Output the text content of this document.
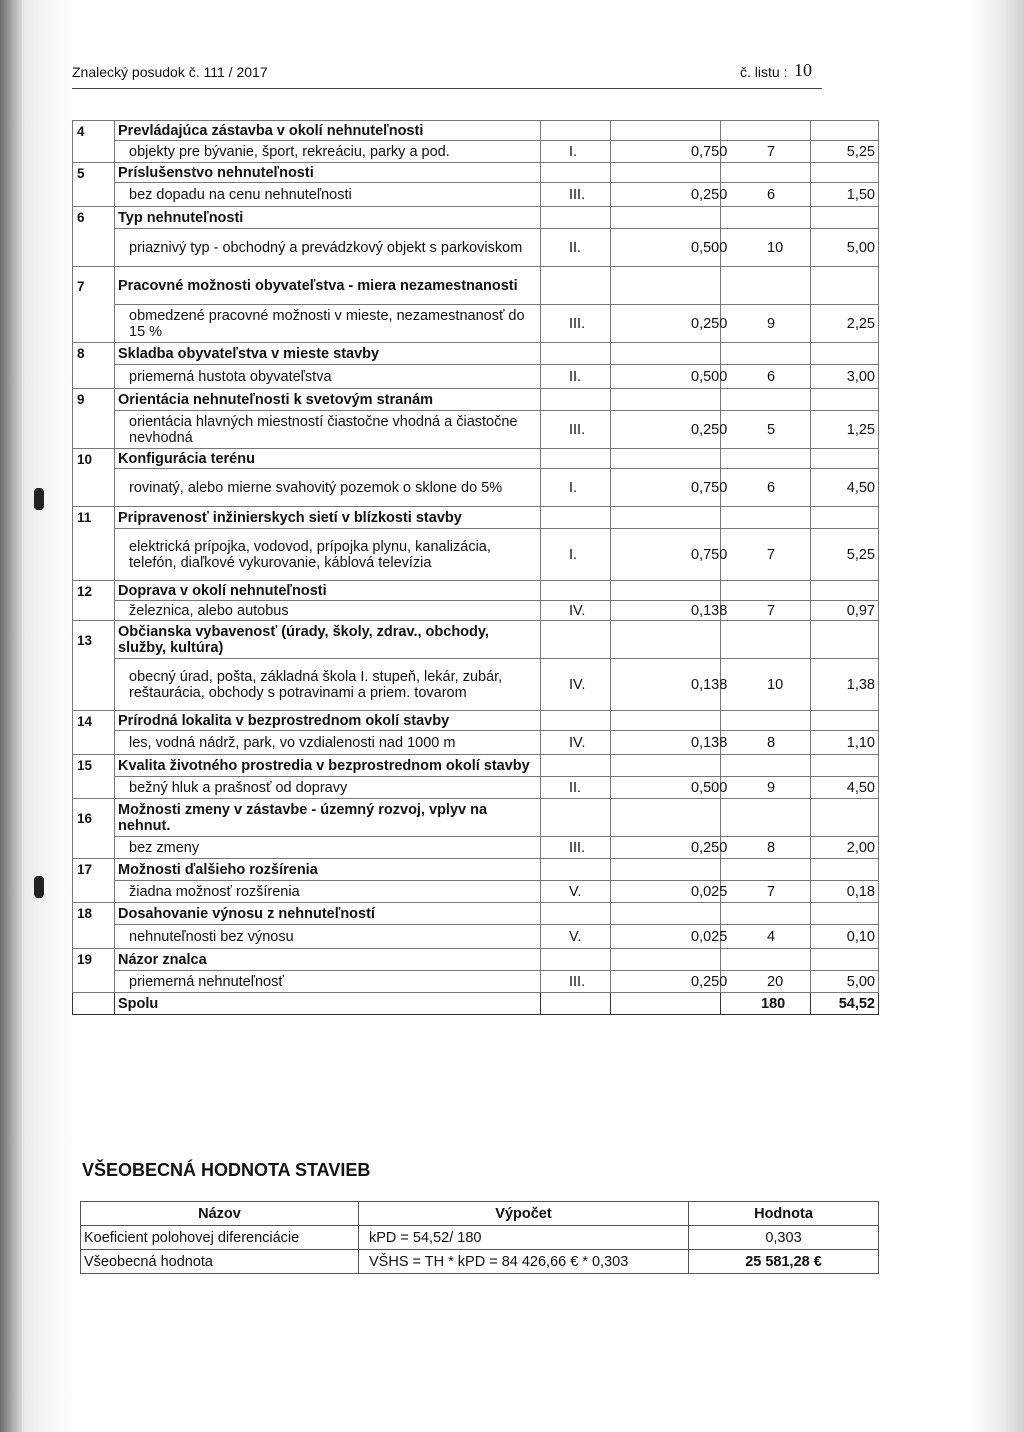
Znalecký posudok č. 111 / 2017	č. listu : 10
4	Prevládajúca zástavba v okolí nehnuteľnosti				
	objekty pre bývanie, šport, rekreáciu, parky a pod.	I.	0,750	7	5,25
5	Príslušenstvo nehnuteľnosti				
	bez dopadu na cenu nehnuteľnosti	III.	0,250	6	1,50
6	Typ nehnuteľnosti				
	priaznivý typ - obchodný a prevádzkový objekt s parkoviskom	II.	0,500	10	5,00
7	Pracovné možnosti obyvateľstva - miera nezamestnanosti				
	obmedzené pracovné možnosti v mieste, nezamestnanosť do 15 %	III.	0,250	9	2,25
8	Skladba obyvateľstva v mieste stavby				
	priemerná hustota obyvateľstva	II.	0,500	6	3,00
9	Orientácia nehnuteľnosti k svetovým stranám				
	orientácia hlavných miestností čiastočne vhodná a čiastočne nevhodná	III.	0,250	5	1,25
10	Konfigurácia terénu				
	rovinatý, alebo mierne svahovitý pozemok o sklone do 5%	I.	0,750	6	4,50
11	Pripravenosť inžinierskych sietí v blízkosti stavby				
	elektrická prípojka, vodovod, prípojka plynu, kanalizácia, telefón, diaľkové vykurovanie, káblová televízia	I.	0,750	7	5,25
12	Doprava v okolí nehnuteľnosti				
	železnica, alebo autobus	IV.	0,138	7	0,97
13	Občianska vybavenosť (úrady, školy, zdrav., obchody, služby, kultúra)				
	obecný úrad, pošta, základná škola I. stupeň, lekár, zubár, reštaurácia, obchody s potravinami a priem. tovarom	IV.	0,138	10	1,38
14	Prírodná lokalita v bezprostrednom okolí stavby				
	les, vodná nádrž, park, vo vzdialenosti nad 1000 m	IV.	0,138	8	1,10
15	Kvalita životného prostredia v bezprostrednom okolí stavby				
	bežný hluk a prašnosť od dopravy	II.	0,500	9	4,50
16	Možnosti zmeny v zástavbe - územný rozvoj, vplyv na nehnut.				
	bez zmeny	III.	0,250	8	2,00
17	Možnosti ďalšieho rozšírenia				
	žiadna možnosť rozšírenia	V.	0,025	7	0,18
18	Dosahovanie výnosu z nehnuteľností				
	nehnuteľnosti bez výnosu	V.	0,025	4	0,10
19	Názor znalca				
	priemerná nehnuteľnosť	III.	0,250	20	5,00
	Spolu			180	54,52
VŠEOBECNÁ HODNOTA STAVIEB
Názov	Výpočet	Hodnota
Koeficient polohovej diferenciácie	kPD = 54,52/ 180	0,303
Všeobecná hodnota	VŠHS = TH * kPD = 84 426,66 € * 0,303	25 581,28 €
